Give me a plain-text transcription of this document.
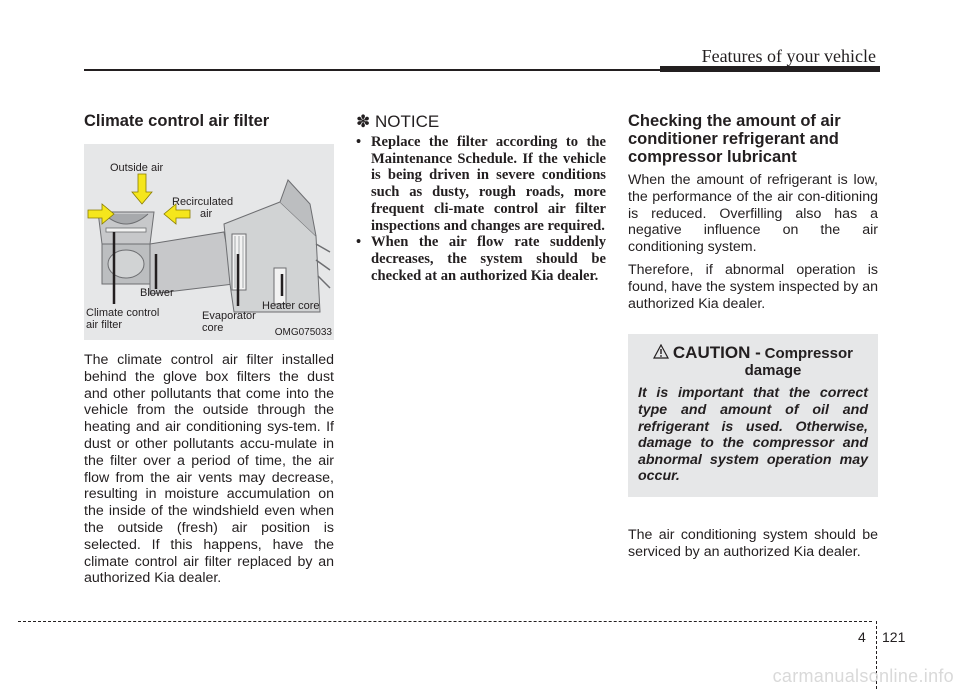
Features of your vehicle
Climate control air filter
Outside air
Recirculated
air
Blower
Climate control
air filter
Evaporator
core
Heater core
OMG075033

The climate control air filter installed behind the glove box filters the dust and other pollutants that come into the vehicle from the outside through the heating and air conditioning sys-tem. If dust or other pollutants accu-mulate in the filter over a period of time, the air flow from the air vents may decrease, resulting in moisture accumulation on the inside of the windshield even when the outside (fresh) air position is selected. If this happens, have the climate control air filter replaced by an authorized Kia dealer.

✽ NOTICE
• Replace the filter according to the Maintenance Schedule. If the vehicle is being driven in severe conditions such as dusty, rough roads, more frequent cli-mate control air filter inspections and changes are required.
• When the air flow rate suddenly decreases, the system should be checked at an authorized Kia dealer.
Checking the amount of air conditioner refrigerant and compressor lubricant

When the amount of refrigerant is low, the performance of the air con-ditioning is reduced. Overfilling also has a negative influence on the air conditioning system.

Therefore, if abnormal operation is found, have the system inspected by an authorized Kia dealer.

CAUTION - Compressor
damage
It is important that the correct type and amount of oil and refrigerant is used. Otherwise, damage to the compressor and abnormal system operation may occur.

The air conditioning system should be serviced by an authorized Kia dealer.

4 121
carmanualsonline.info
